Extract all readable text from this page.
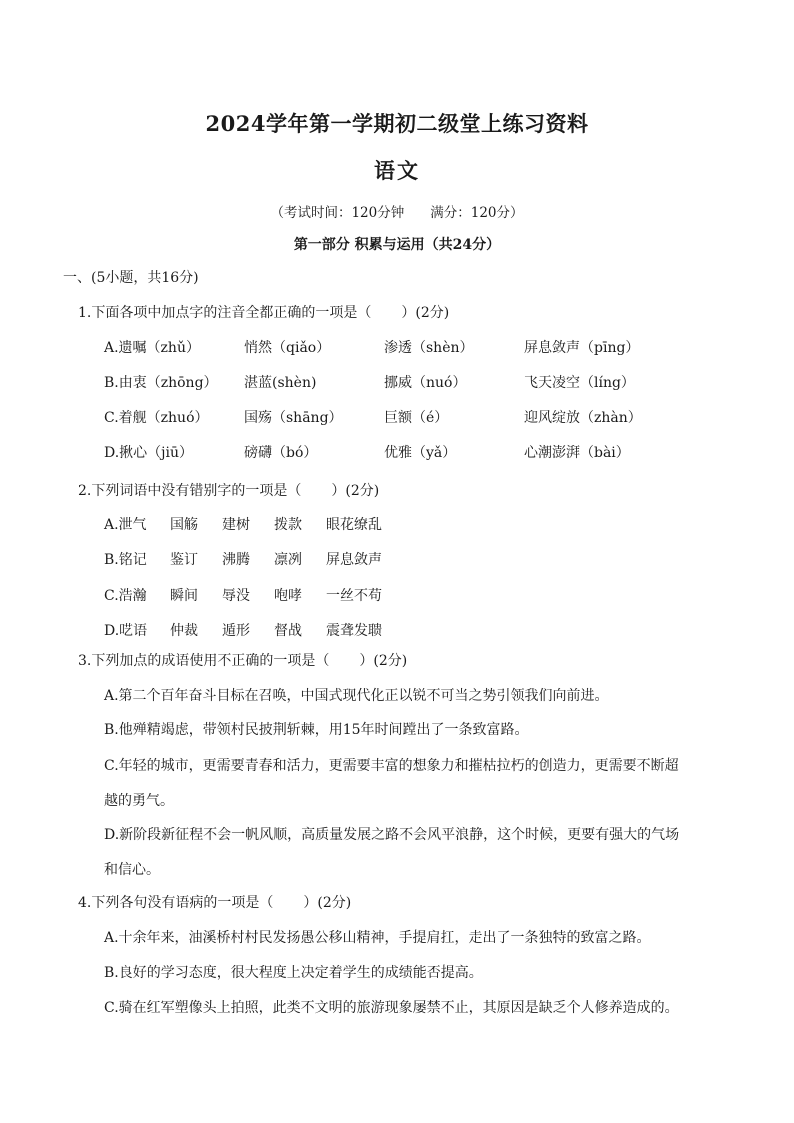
2024学年第一学期初二级堂上练习资料
语文
（考试时间：120分钟 满分：120分）
第一部分 积累与运用（共24分）
一、(5小题，共16分)
1.下面各项中加点字的注音全都正确的一项是（ ）(2分)
A.遗嘱（zhǔ）	悄然（qiǎo）	渗透（shèn）	屏息敛声（pīng）
B.由衷（zhōng） 湛蓝(shèn)	挪威（nuó）	飞天凌空（líng）
C.着舰（zhuó）	国殇（shāng）	巨额（é）	迎风绽放（zhàn）
D.揪心（jiū）	磅礴（bó）	优雅（yǎ）	心潮澎湃（bài）
2.下列词语中没有错别字的一项是（ ）(2分)
A.泄气 国觞 建树 拨款 眼花缭乱
B.铭记 鉴订 沸腾 凛冽 屏息敛声
C.浩瀚 瞬间 辱没 咆哮 一丝不苟
D.呓语 仲裁 遁形 督战 震聋发聩
3.下列加点的成语使用不正确的一项是（ ）(2分)
A.第二个百年奋斗目标在召唤，中国式现代化正以锐不可当之势引领我们向前进。
B.他殚精竭虑，带领村民披荆斩棘，用15年时间蹚出了一条致富路。
C.年轻的城市，更需要青春和活力，更需要丰富的想象力和摧枯拉朽的创造力，更需要不断超
越的勇气。
D.新阶段新征程不会一帆风顺，高质量发展之路不会风平浪静，这个时候，更要有强大的气场
和信心。
4.下列各句没有语病的一项是（ ）(2分)
A.十余年来，油溪桥村村民发扬愚公移山精神，手提肩扛，走出了一条独特的致富之路。
B.良好的学习态度，很大程度上决定着学生的成绩能否提高。
C.骑在红军塑像头上拍照，此类不文明的旅游现象屡禁不止，其原因是缺乏个人修养造成的。
